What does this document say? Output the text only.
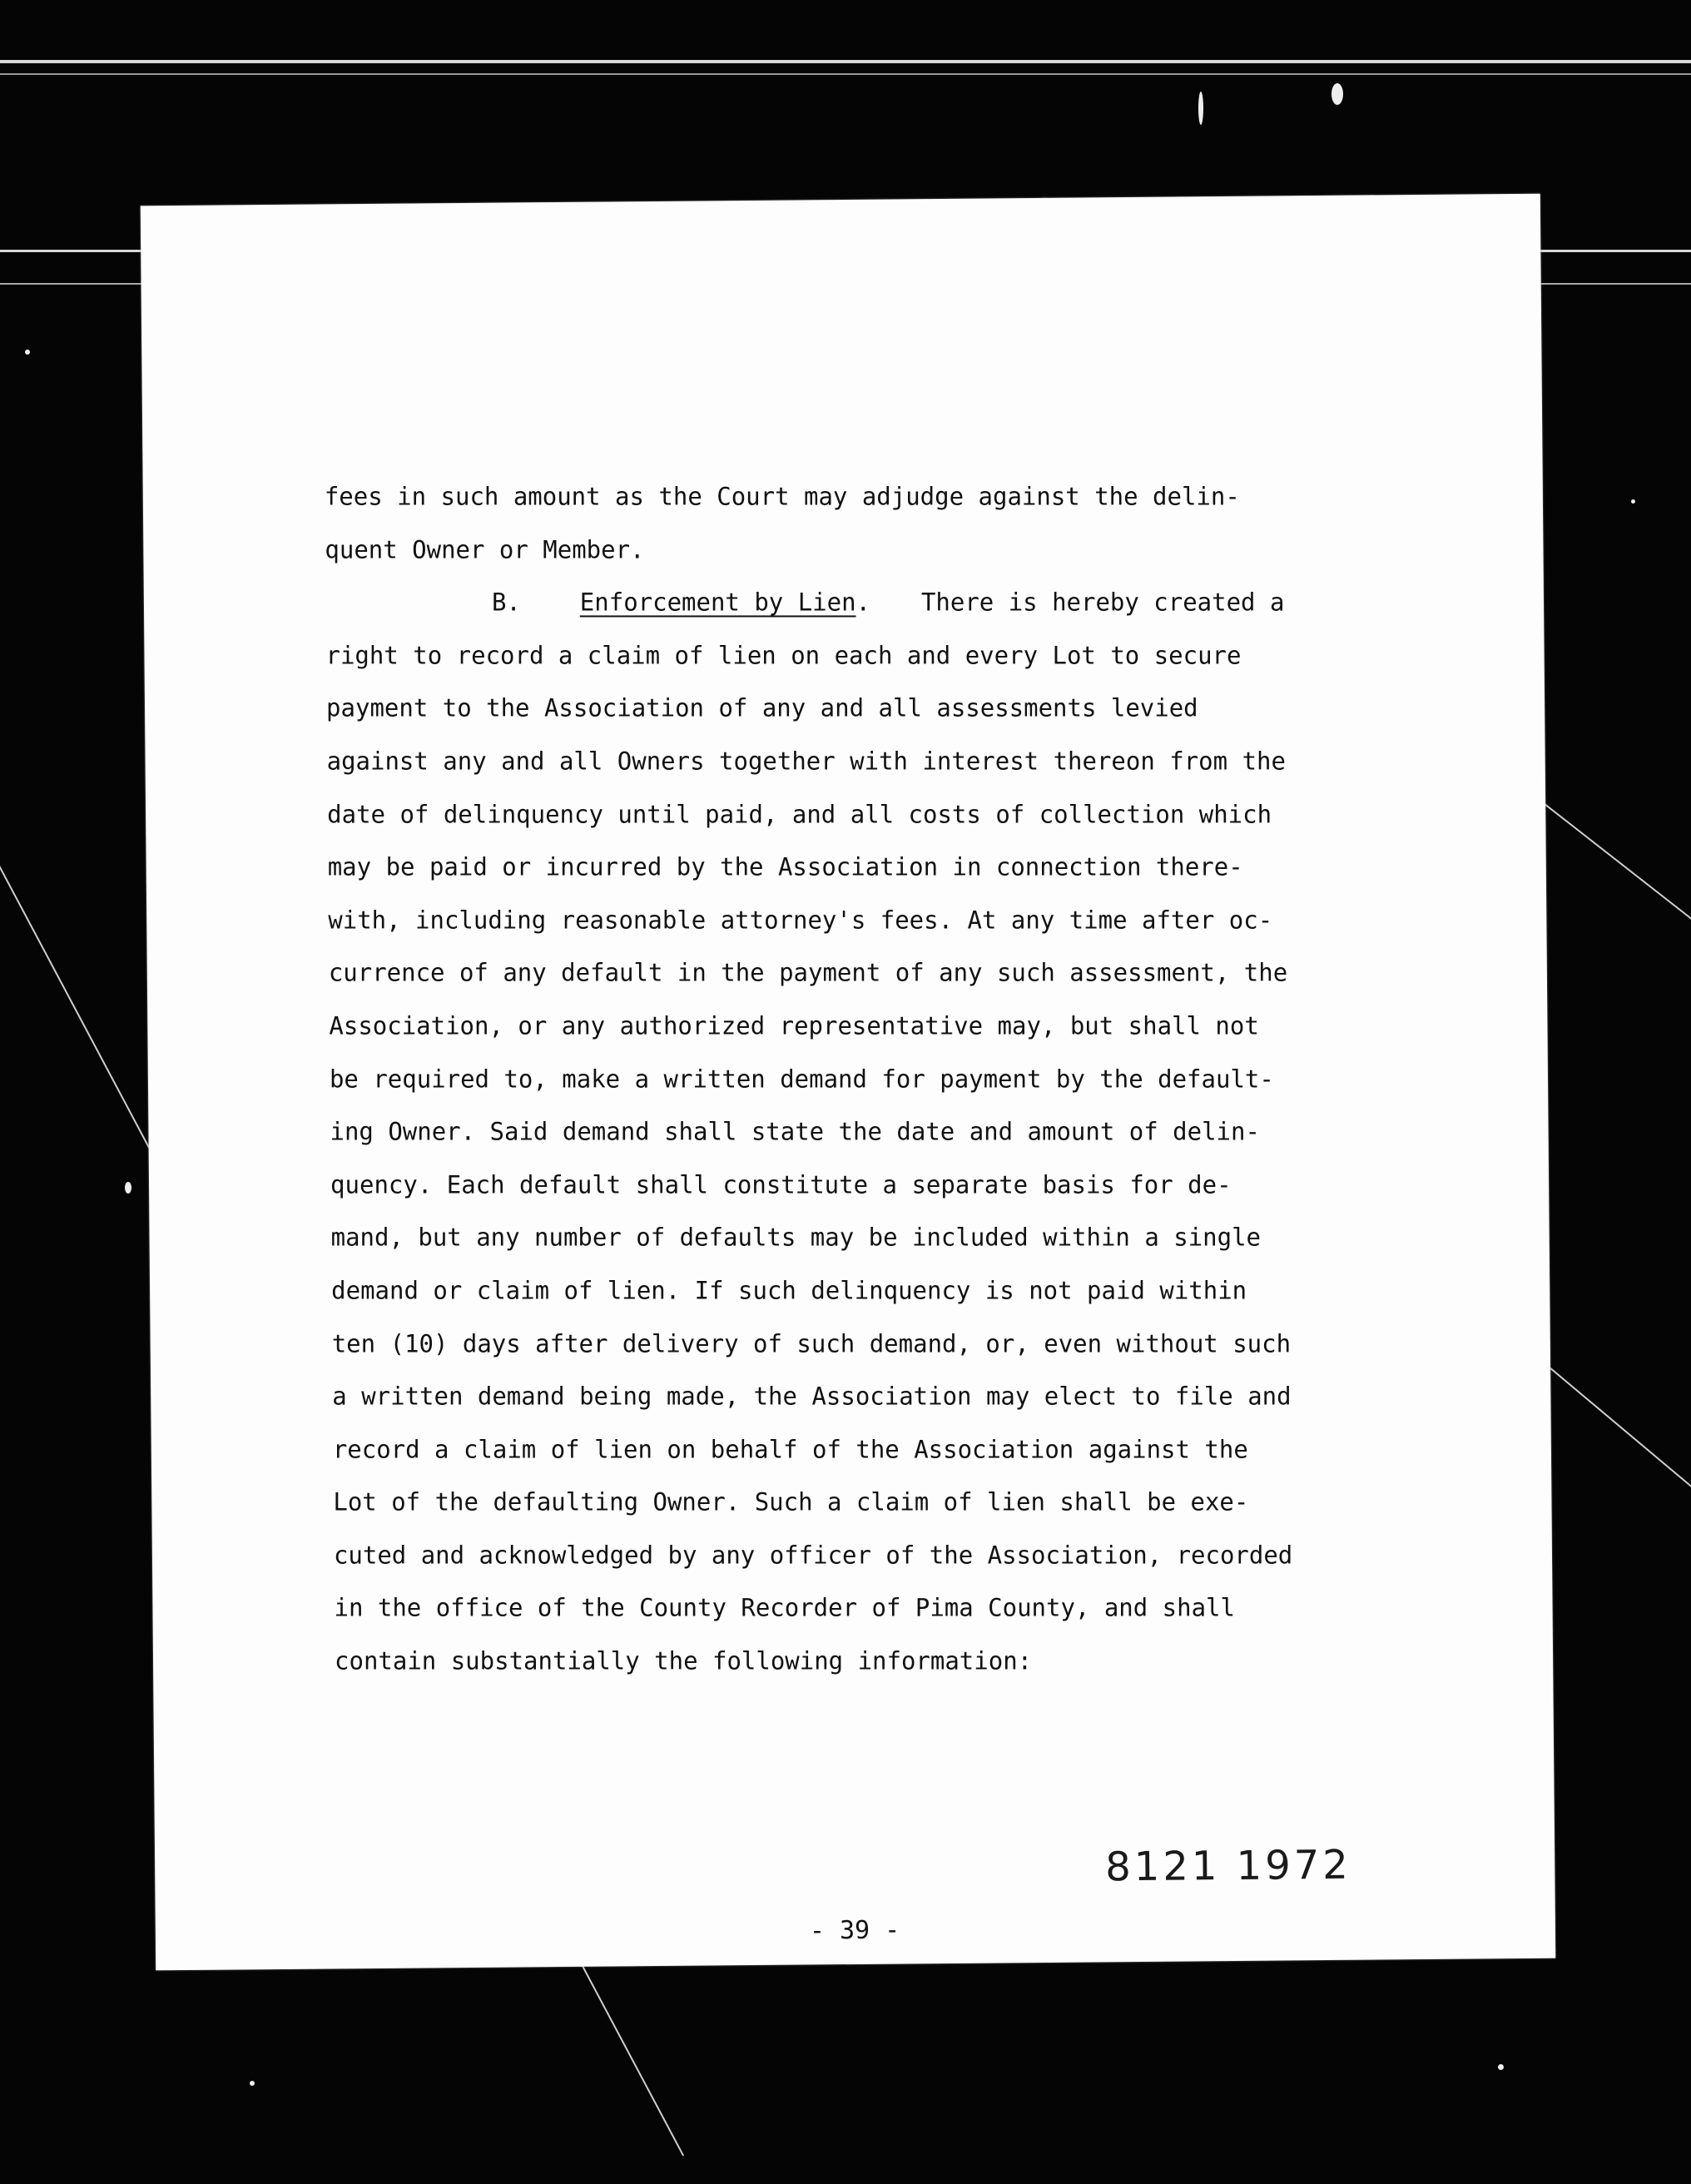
fees in such amount as the Court may adjudge against the delin-
quent Owner or Member.
B. Enforcement by Lien. There is hereby created a
right to record a claim of lien on each and every Lot to secure
payment to the Association of any and all assessments levied
against any and all Owners together with interest thereon from the
date of delinquency until paid, and all costs of collection which
may be paid or incurred by the Association in connection there-
with, including reasonable attorney's fees. At any time after oc-
currence of any default in the payment of any such assessment, the
Association, or any authorized representative may, but shall not
be required to, make a written demand for payment by the default-
ing Owner. Said demand shall state the date and amount of delin-
quency. Each default shall constitute a separate basis for de-
mand, but any number of defaults may be included within a single
demand or claim of lien. If such delinquency is not paid within
ten (10) days after delivery of such demand, or, even without such
a written demand being made, the Association may elect to file and
record a claim of lien on behalf of the Association against the
Lot of the defaulting Owner. Such a claim of lien shall be exe-
cuted and acknowledged by any officer of the Association, recorded
in the office of the County Recorder of Pima County, and shall
contain substantially the following information:
8121 1972
- 39 -
